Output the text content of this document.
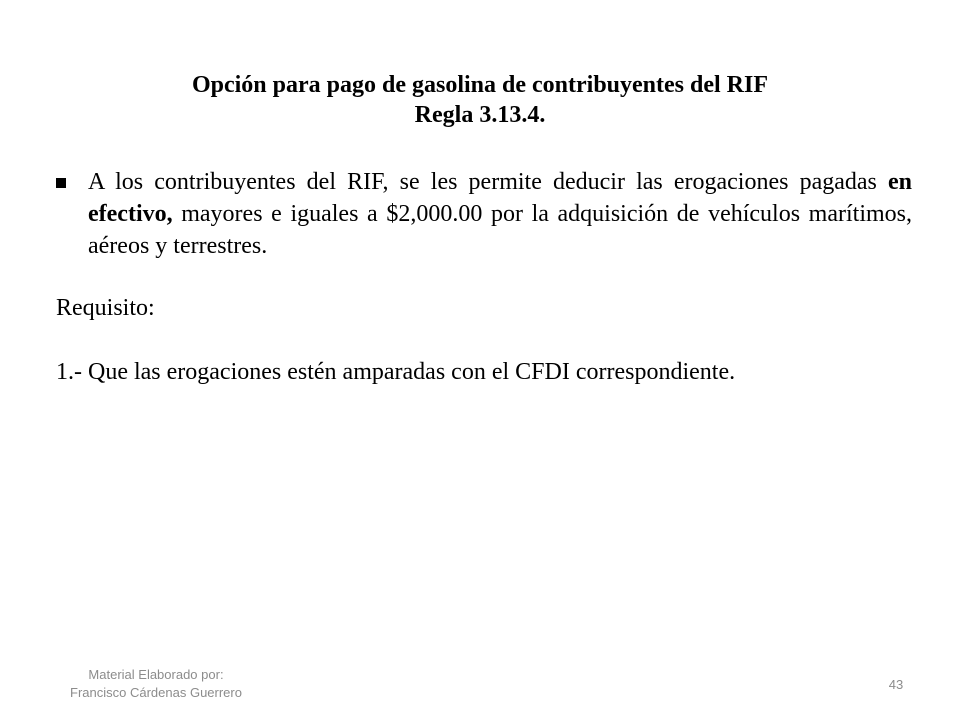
Opción para pago de gasolina de contribuyentes del RIF
Regla 3.13.4.
A los contribuyentes del RIF, se les permite deducir las erogaciones pagadas en efectivo, mayores e iguales a $2,000.00 por la adquisición de vehículos marítimos, aéreos y terrestres.
Requisito:
1.- Que las erogaciones estén amparadas con el CFDI correspondiente.
Material Elaborado por:
Francisco Cárdenas Guerrero
43
